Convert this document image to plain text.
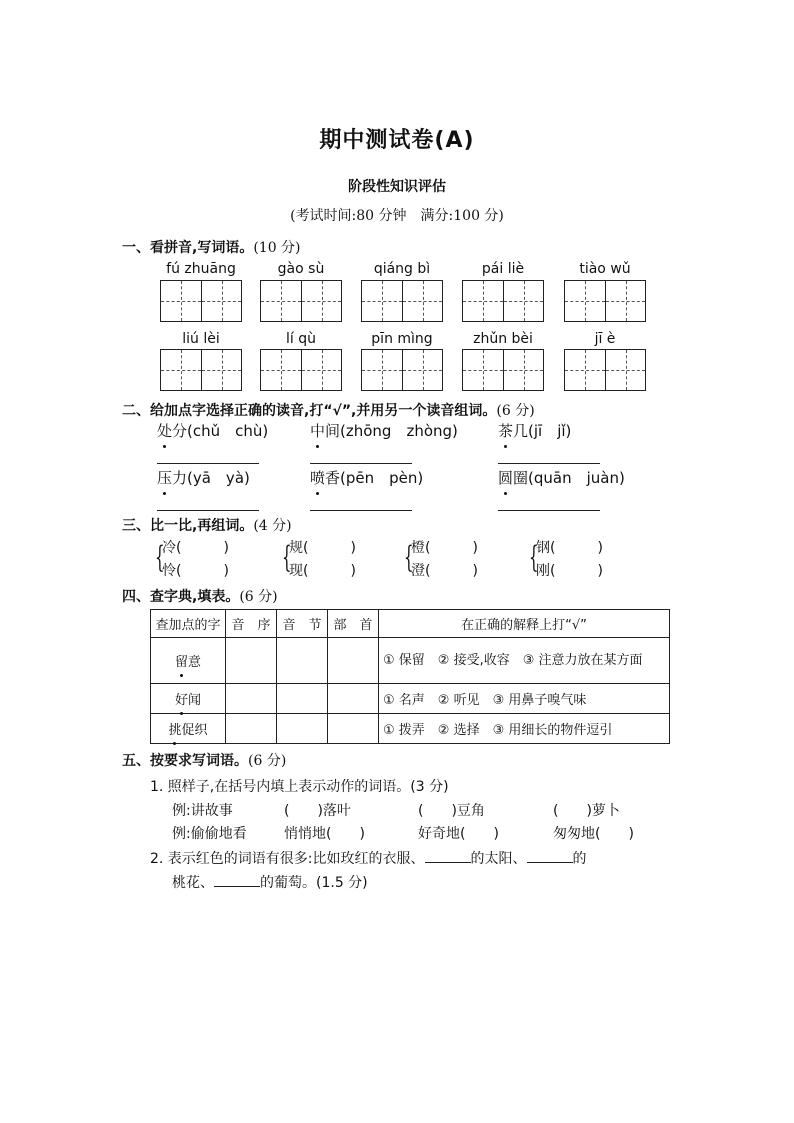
期中测试卷(A)
阶段性知识评估
(考试时间:80 分钟　满分:100 分)
一、看拼音,写词语。(10 分)
fú zhuāng	gào sù	qiáng bì	pái liè	tiào wǔ
liú lèi	lí qù	pīn mìng	zhǔn bèi	jī è
二、给加点字选择正确的读音,打“√”,并用另一个读音组词。(6 分)
处分(chǔ　chù)	中间(zhōng　zhòng)	茶几(jī　jǐ)
压力(yā　yà)	喷香(pēn　pèn)	圆圈(quān　juàn)
三、比一比,再组词。(4 分)
{
冷(　　　)
怜(　　　) {
规(　　　)
现(　　　) {
橙(　　　)
澄(　　　) {
钢(　　　)
刚(　　　)
四、查字典,填表。(6 分)
查加点的字	音　序	音　节	部　首	在正确的解释上打“√”
留意				① 保留　② 接受,收容　③ 注意力放在某方面
好闻				① 名声　② 听见　③ 用鼻子嗅气味
挑促织				① 拨弄　② 选择　③ 用细长的物件逗引
五、按要求写词语。(6 分)
1. 照样子,在括号内填上表示动作的词语。(3 分)
例:讲故事	(　　)落叶	(　　)豆角	(　　)萝卜
例:偷偷地看	悄悄地(　　)	好奇地(　　)	匆匆地(　　)
2. 表示红色的词语有很多:比如玫红的衣服、	的太阳、	的
桃花、	的葡萄。(1.5 分)
